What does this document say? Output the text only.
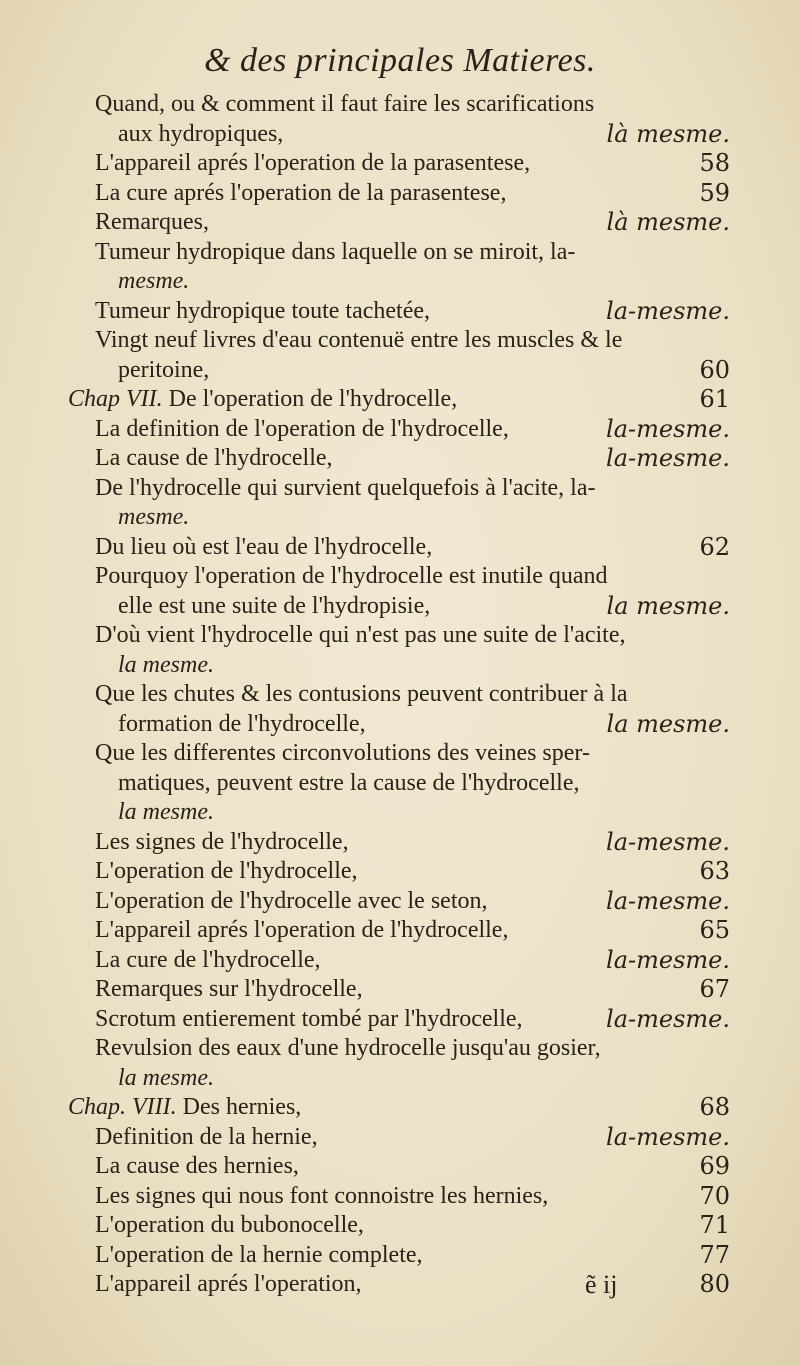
& des principales Matieres.
Quand, ou & comment il faut faire les scarifications
aux hydropiques,	là mesme.
L'appareil aprés l'operation de la parasentese,	58
La cure aprés l'operation de la parasentese,	59
Remarques,	là mesme.
Tumeur hydropique dans laquelle on se miroit, la-
mesme.
Tumeur hydropique toute tachetée,	la-mesme.
Vingt neuf livres d'eau contenuë entre les muscles & le
peritoine,	60
Chap VII. De l'operation de l'hydrocelle,	61
La definition de l'operation de l'hydrocelle,	la-mesme.
La cause de l'hydrocelle,	la-mesme.
De l'hydrocelle qui survient quelquefois à l'acite, la-
mesme.
Du lieu où est l'eau de l'hydrocelle,	62
Pourquoy l'operation de l'hydrocelle est inutile quand
elle est une suite de l'hydropisie,	la mesme.
D'où vient l'hydrocelle qui n'est pas une suite de l'acite,
la mesme.
Que les chutes & les contusions peuvent contribuer à la
formation de l'hydrocelle,	la mesme.
Que les differentes circonvolutions des veines sper-
matiques, peuvent estre la cause de l'hydrocelle,
la mesme.
Les signes de l'hydrocelle,	la-mesme.
L'operation de l'hydrocelle,	63
L'operation de l'hydrocelle avec le seton,	la-mesme.
L'appareil aprés l'operation de l'hydrocelle,	65
La cure de l'hydrocelle,	la-mesme.
Remarques sur l'hydrocelle,	67
Scrotum entierement tombé par l'hydrocelle,	la-mesme.
Revulsion des eaux d'une hydrocelle jusqu'au gosier,
la mesme.
Chap. VIII. Des hernies,	68
Definition de la hernie,	la-mesme.
La cause des hernies,	69
Les signes qui nous font connoistre les hernies,	70
L'operation du bubonocelle,	71
L'operation de la hernie complete,	77
L'appareil aprés l'operation,	80
ẽ ij
